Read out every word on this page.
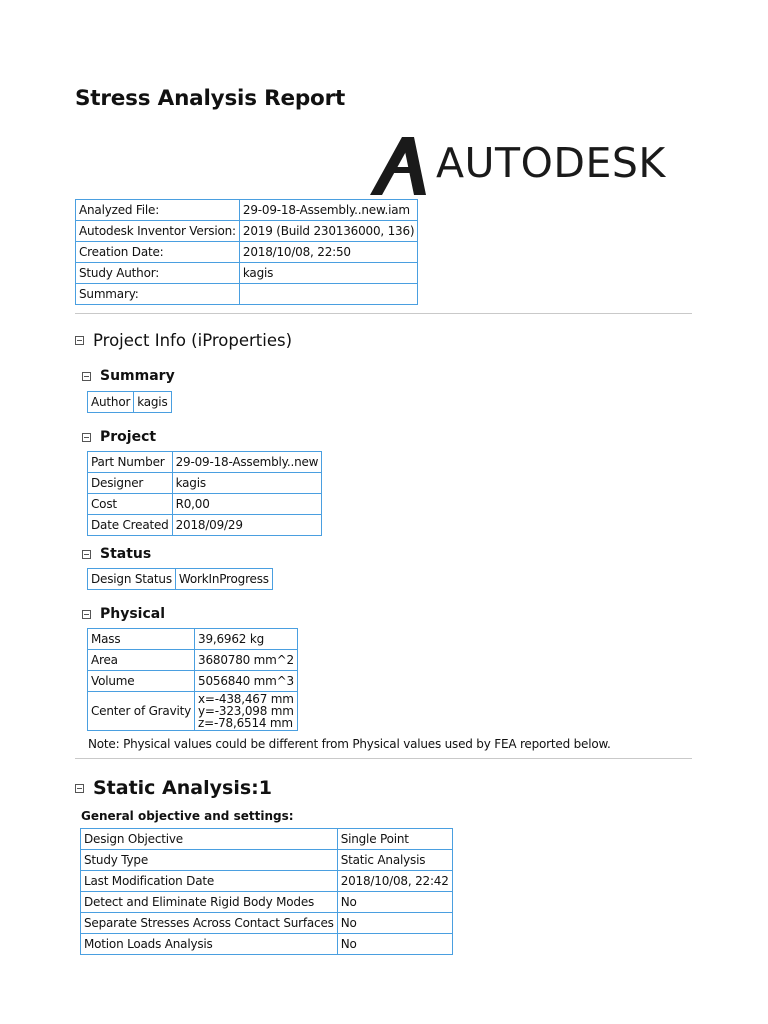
Stress Analysis Report
AUTODESK
Analyzed File:	29-09-18-Assembly..new.iam
Autodesk Inventor Version:	2019 (Build 230136000, 136)
Creation Date:	2018/10/08, 22:50
Study Author:	kagis
Summary:	
Project Info (iProperties)
Summary
Author	kagis
Project
Part Number	29-09-18-Assembly..new
Designer	kagis
Cost	R0,00
Date Created	2018/09/29
Status
Design Status	WorkInProgress
Physical
Mass	39,6962 kg
Area	3680780 mm^2
Volume	5056840 mm^3
Center of Gravity	x=-438,467 mm
y=-323,098 mm
z=-78,6514 mm
Note: Physical values could be different from Physical values used by FEA reported below.
Static Analysis:1
General objective and settings:
Design Objective	Single Point
Study Type	Static Analysis
Last Modification Date	2018/10/08, 22:42
Detect and Eliminate Rigid Body Modes	No
Separate Stresses Across Contact Surfaces	No
Motion Loads Analysis	No
